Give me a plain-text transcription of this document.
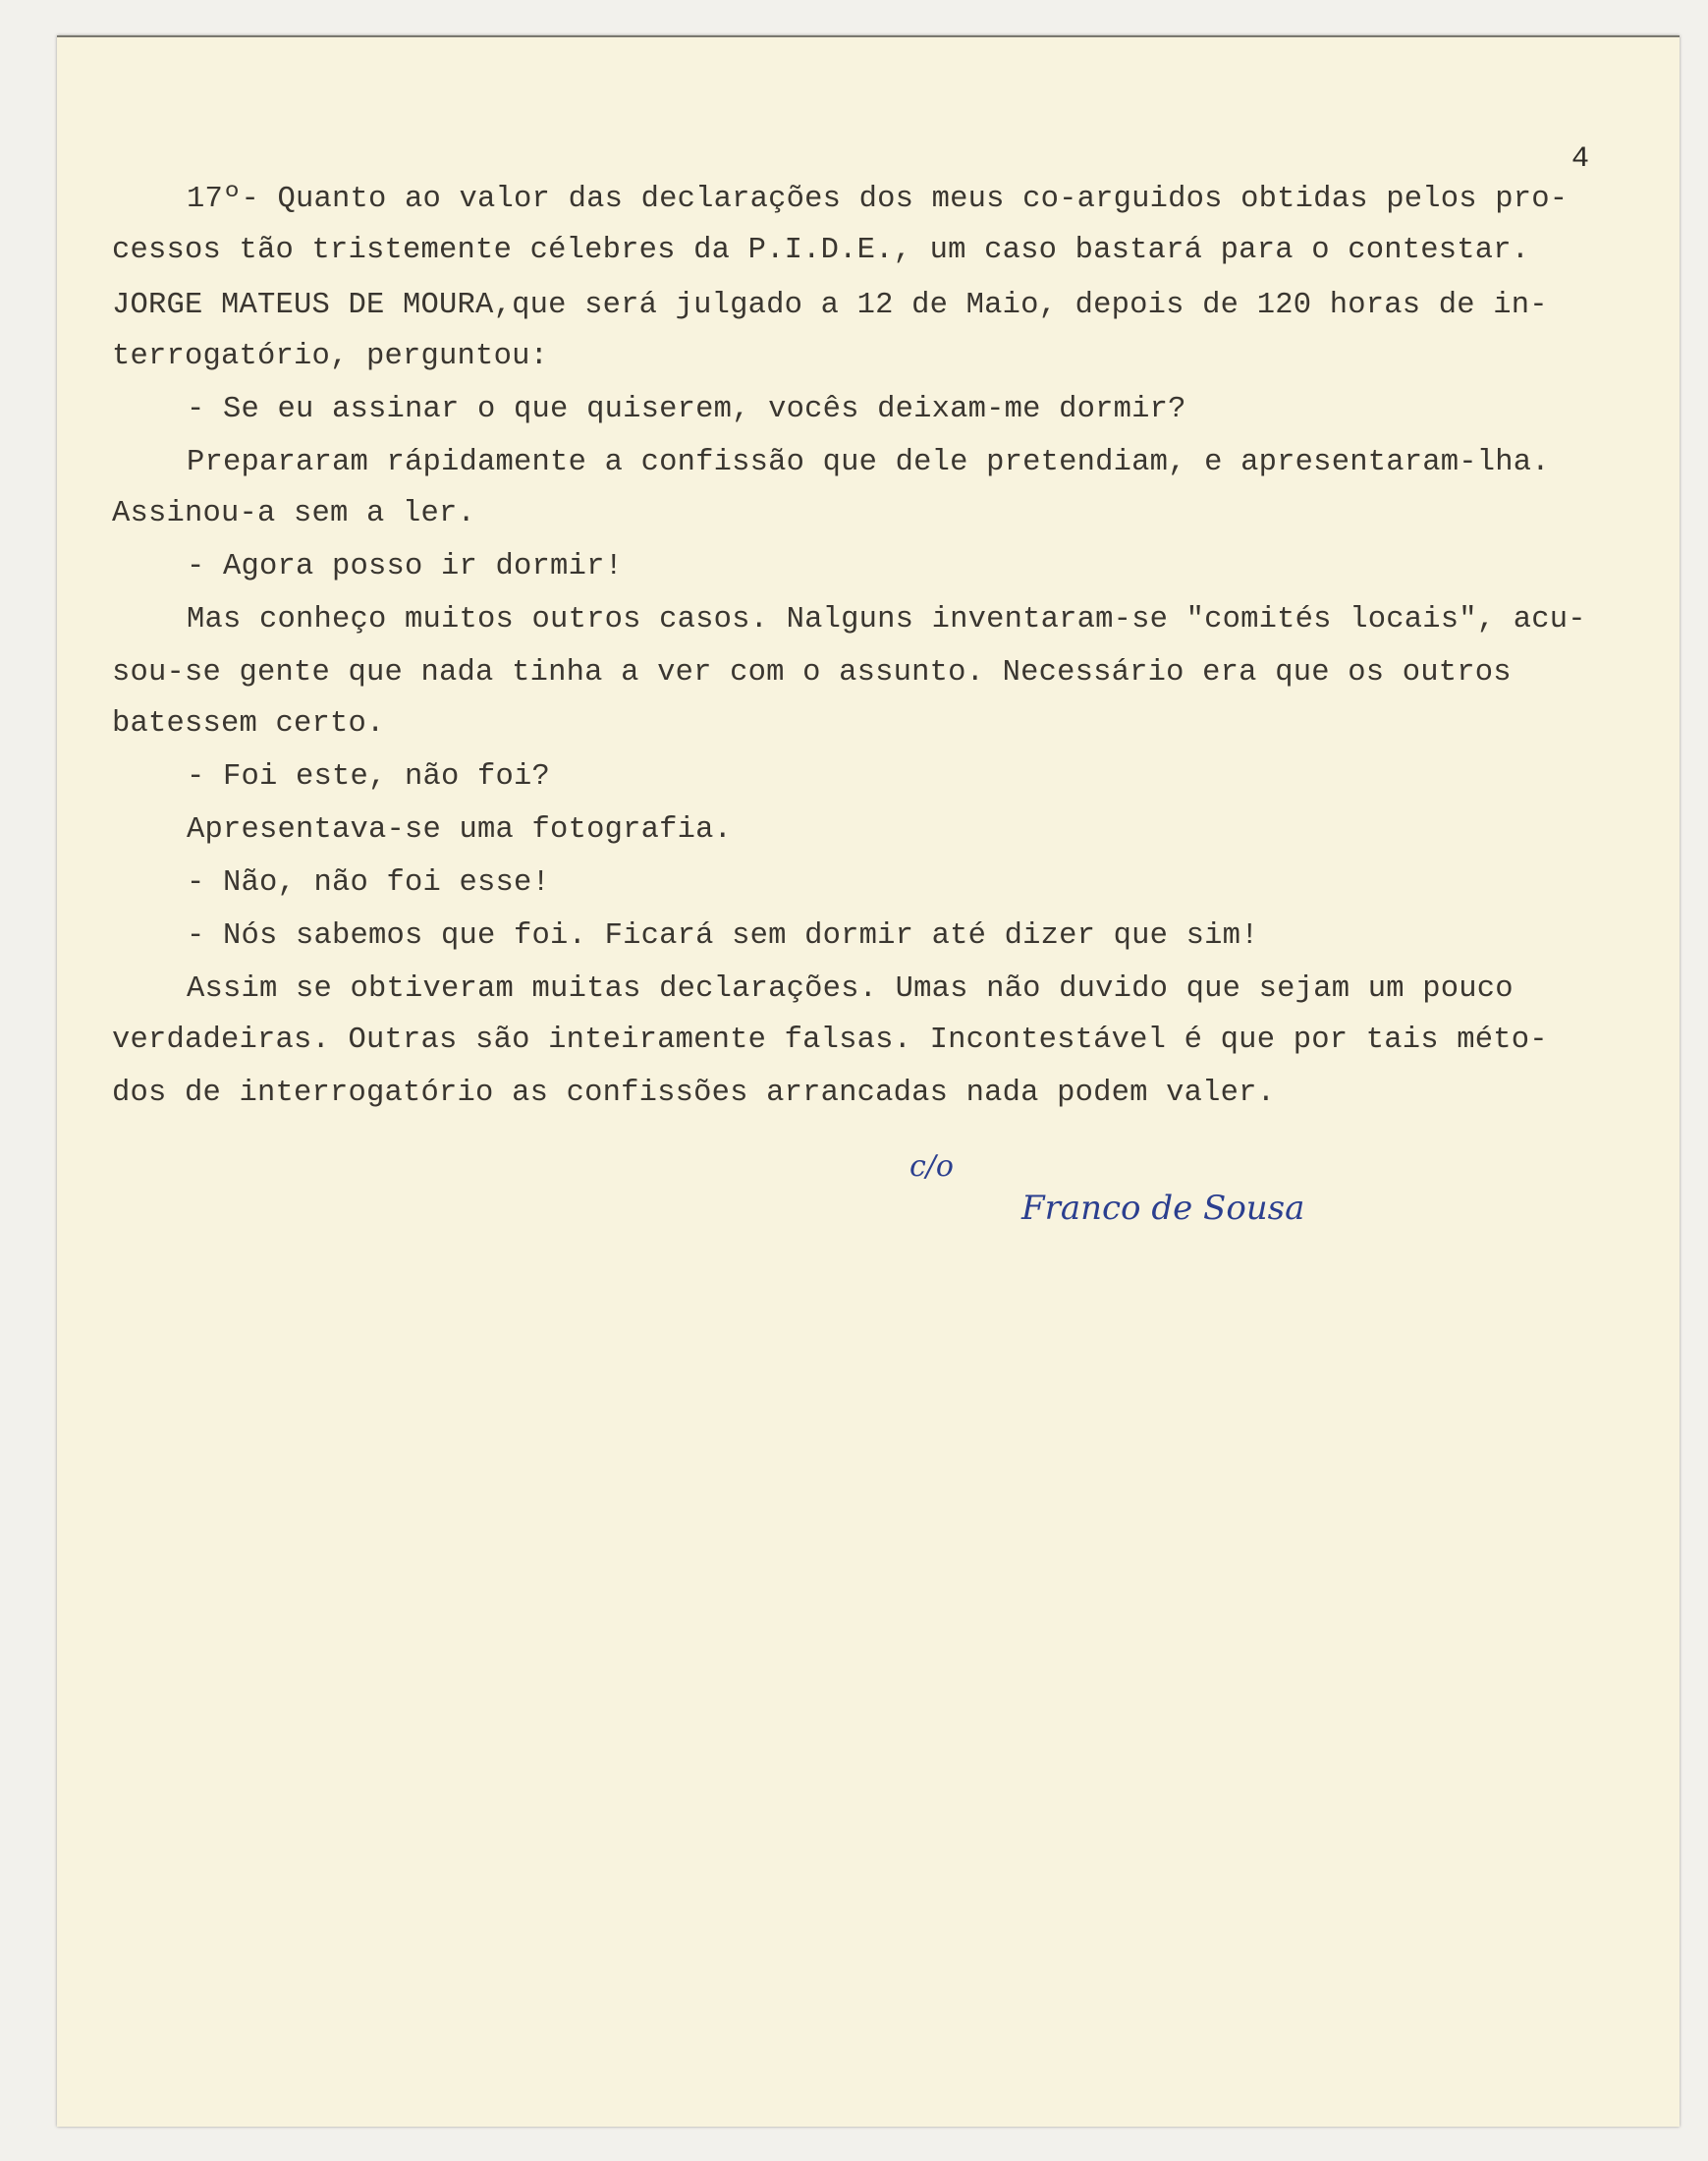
4
17º- Quanto ao valor das declarações dos meus co-arguidos obtidas pelos pro-
cessos tão tristemente célebres da P.I.D.E., um caso bastará para o contestar.
JORGE MATEUS DE MOURA,que será julgado a 12 de Maio, depois de 120 horas de in-
terrogatório, perguntou:
- Se eu assinar o que quiserem, vocês deixam-me dormir?
Prepararam rápidamente a confissão que dele pretendiam, e apresentaram-lha.
Assinou-a sem a ler.
- Agora posso ir dormir!
Mas conheço muitos outros casos. Nalguns inventaram-se "comités locais", acu-
sou-se gente que nada tinha a ver com o assunto. Necessário era que os outros
batessem certo.
- Foi este, não foi?
Apresentava-se uma fotografia.
- Não, não foi esse!
- Nós sabemos que foi. Ficará sem dormir até dizer que sim!
Assim se obtiveram muitas declarações. Umas não duvido que sejam um pouco
verdadeiras. Outras são inteiramente falsas. Incontestável é que por tais méto-
dos de interrogatório as confissões arrancadas nada podem valer.
c/o
Franco de Sousa
